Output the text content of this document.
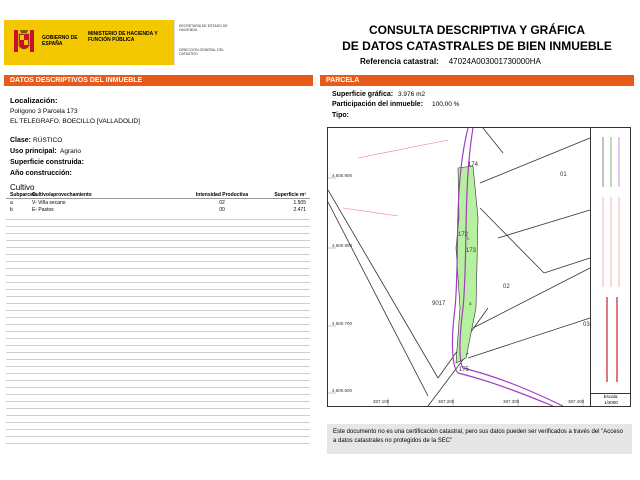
GOBIERNO DE ESPAÑA
MINISTERIO DE HACIENDA Y FUNCIÓN PÚBLICA
SECRETARÍA DE ESTADO DE HACIENDA
DIRECCIÓN GENERAL DEL CATASTRO
CONSULTA DESCRIPTIVA Y GRÁFICA
DE DATOS CATASTRALES DE BIEN INMUEBLE
Referencia catastral: 47024A003001730000HA
DATOS DESCRIPTIVOS DEL INMUEBLE	PARCELA
Localización:
Polígono 3 Parcela 173
EL TELEGRAFO. BOECILLO [VALLADOLID]
Clase: RÚSTICO
Uso principal: Agrario
Superficie construida:
Año construcción:
Cultivo
Subparcela
Cultivo/aprovechamiento	Intensidad Productiva	Superficie m²
a	V- Viña secano	02	1.505
b	E- Pastos	00	2.471
Superficie gráfica: 3.976 m2
Participación del inmueble: 100,00 %
Tipo:
4.600.900
4.600.800
4.600.700
4.600.600
387.100	387.200	387.300	387.400
174
172
173
01
02
03
9017
175
a
b
Escala:
1/3000
Este documento no es una certificación catastral, pero sus datos pueden ser verificados a través del "Acceso a datos catastrales no protegidos de la SEC"
